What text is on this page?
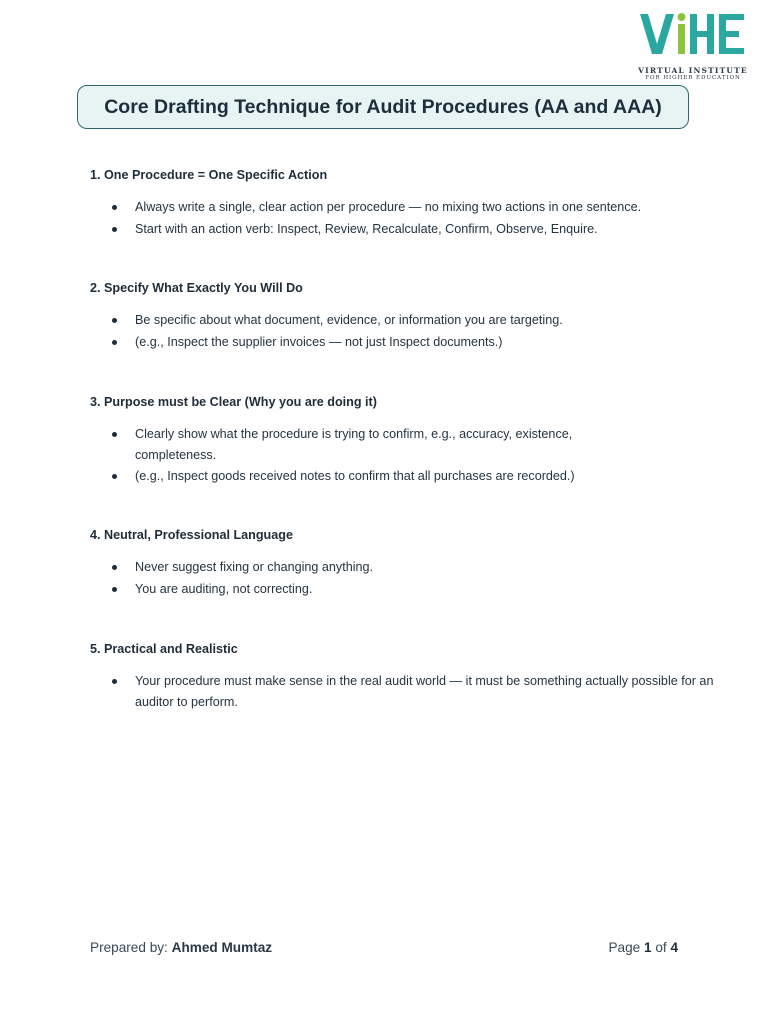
VIRTUAL INSTITUTE
FOR HIGHER EDUCATION
Core Drafting Technique for Audit Procedures (AA and AAA)
1. One Procedure = One Specific Action
Always write a single, clear action per procedure — no mixing two actions in one sentence.
Start with an action verb: Inspect, Review, Recalculate, Confirm, Observe, Enquire.
2. Specify What Exactly You Will Do
Be specific about what document, evidence, or information you are targeting.
(e.g., Inspect the supplier invoices — not just Inspect documents.)
3. Purpose must be Clear (Why you are doing it)
Clearly show what the procedure is trying to confirm, e.g., accuracy, existence, completeness.
(e.g., Inspect goods received notes to confirm that all purchases are recorded.)
4. Neutral, Professional Language
Never suggest fixing or changing anything.
You are auditing, not correcting.
5. Practical and Realistic
Your procedure must make sense in the real audit world — it must be something actually possible for an auditor to perform.
Prepared by: Ahmed Mumtaz	Page 1 of 4
